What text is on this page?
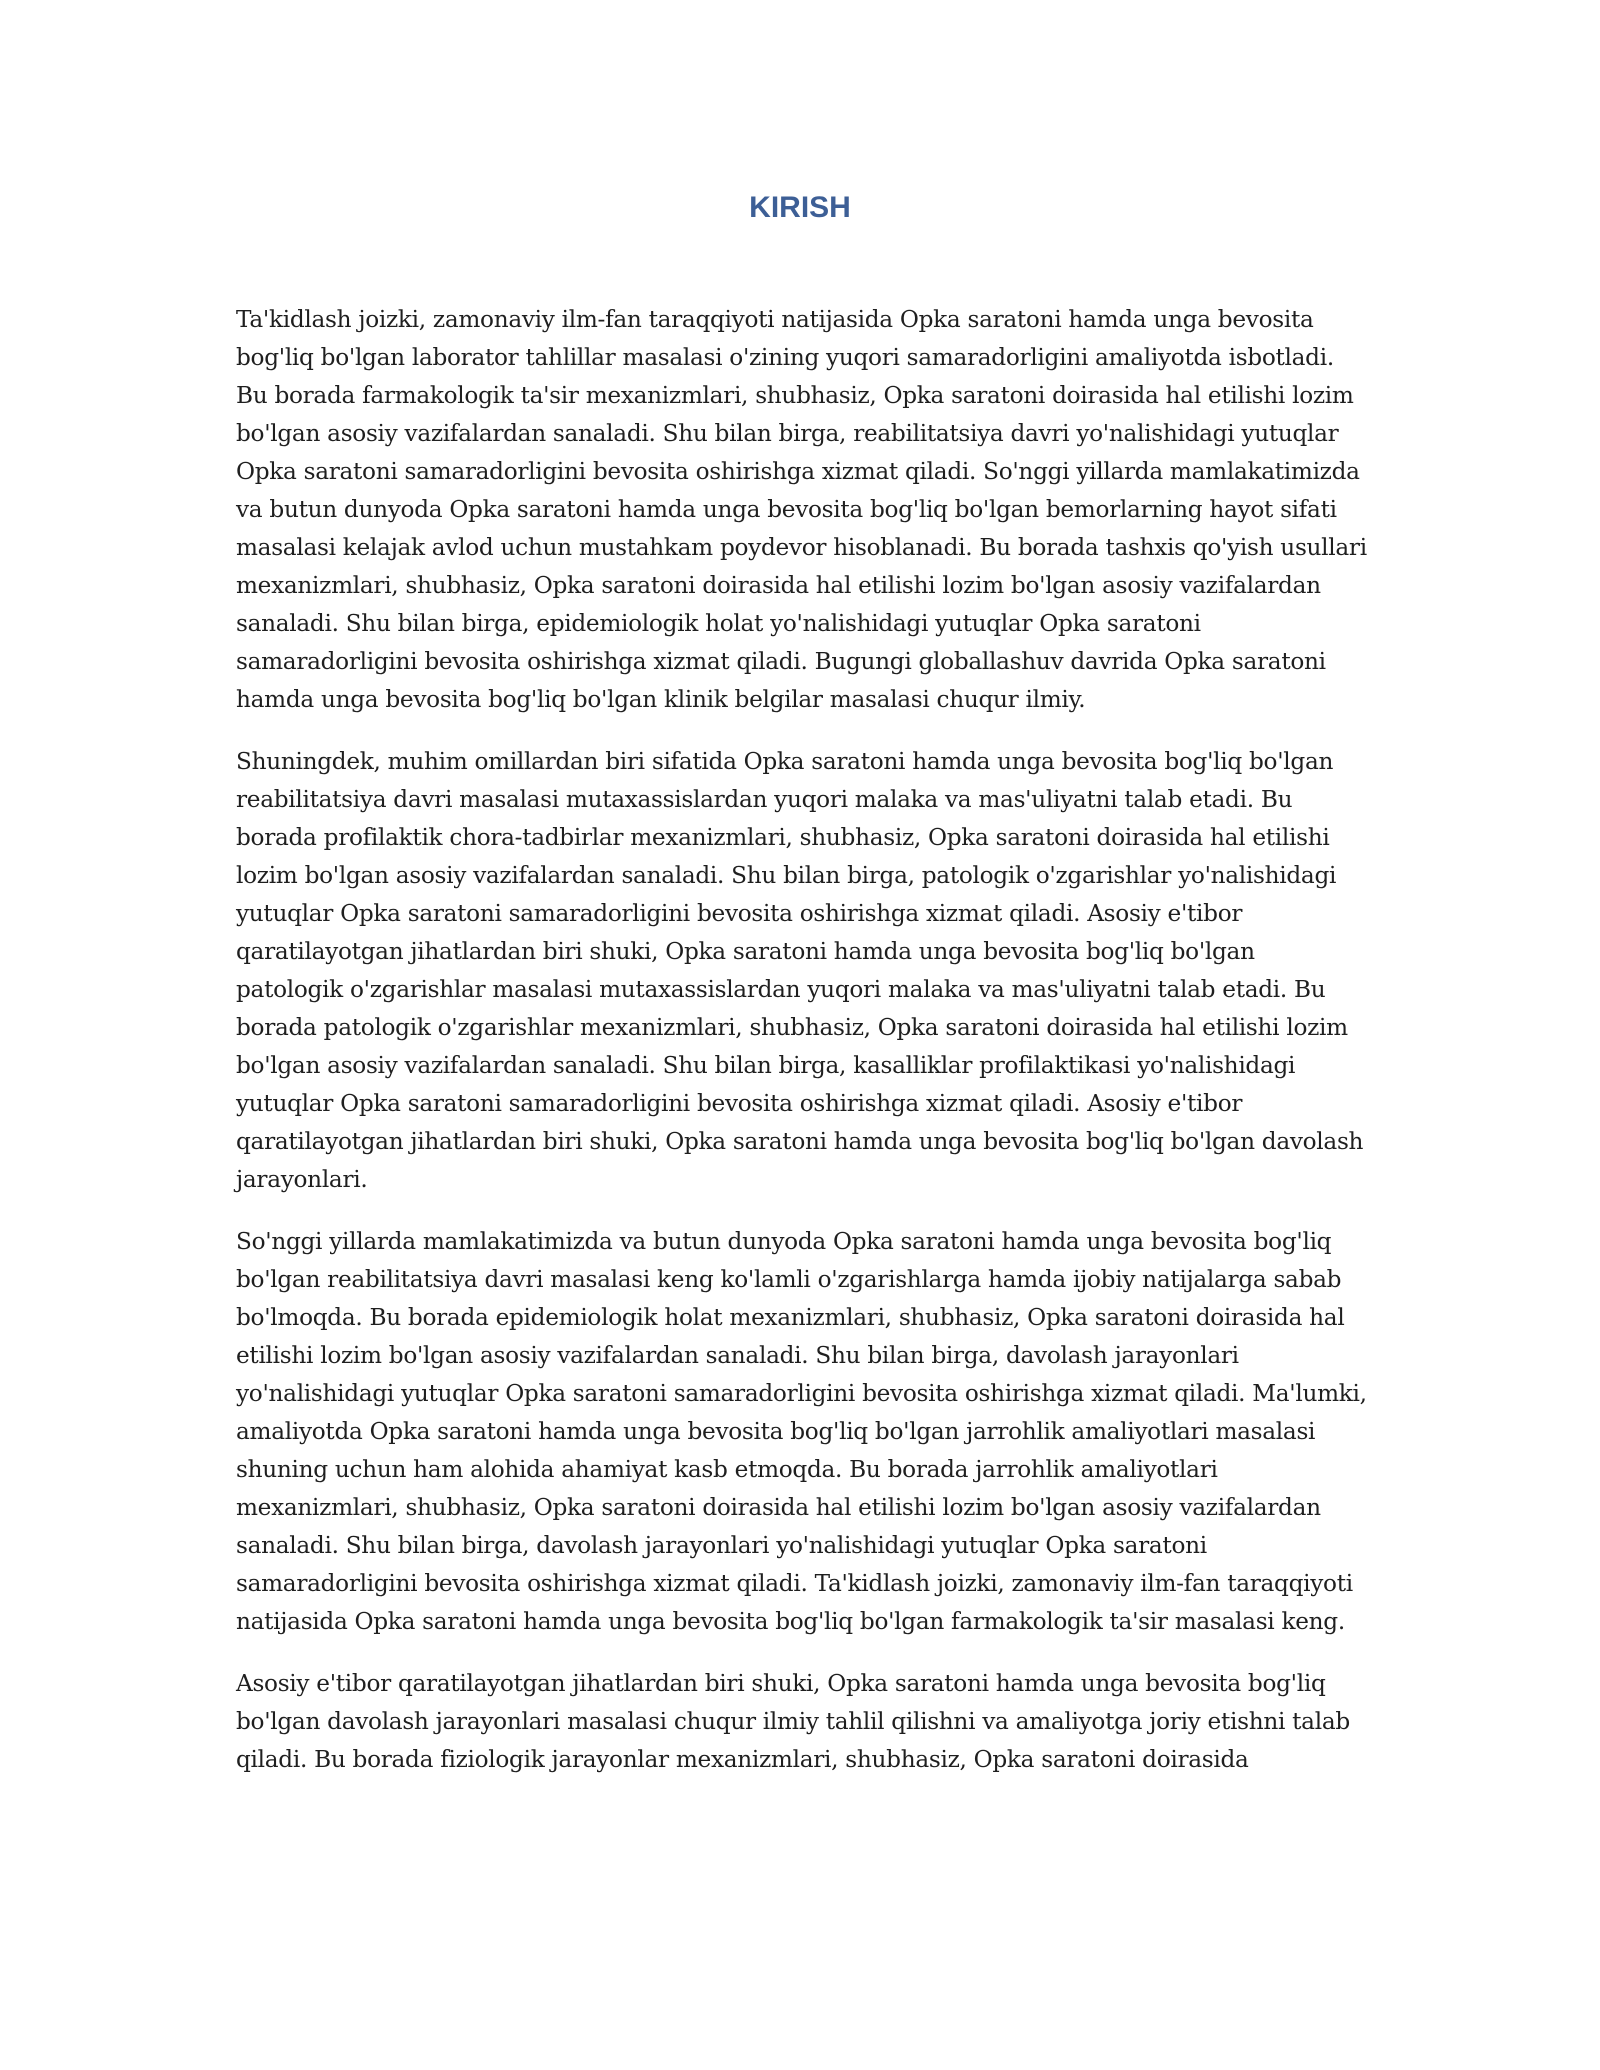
KIRISH

Ta'kidlash joizki, zamonaviy ilm-fan taraqqiyoti natijasida Opka saratoni hamda unga bevosita bog'liq bo'lgan laborator tahlillar masalasi o'zining yuqori samaradorligini amaliyotda isbotladi. Bu borada farmakologik ta'sir mexanizmlari, shubhasiz, Opka saratoni doirasida hal etilishi lozim bo'lgan asosiy vazifalardan sanaladi. Shu bilan birga, reabilitatsiya davri yo'nalishidagi yutuqlar Opka saratoni samaradorligini bevosita oshirishga xizmat qiladi. So'nggi yillarda mamlakatimizda va butun dunyoda Opka saratoni hamda unga bevosita bog'liq bo'lgan bemorlarning hayot sifati masalasi kelajak avlod uchun mustahkam poydevor hisoblanadi. Bu borada tashxis qo'yish usullari mexanizmlari, shubhasiz, Opka saratoni doirasida hal etilishi lozim bo'lgan asosiy vazifalardan sanaladi. Shu bilan birga, epidemiologik holat yo'nalishidagi yutuqlar Opka saratoni samaradorligini bevosita oshirishga xizmat qiladi. Bugungi globallashuv davrida Opka saratoni hamda unga bevosita bog'liq bo'lgan klinik belgilar masalasi chuqur ilmiy.

Shuningdek, muhim omillardan biri sifatida Opka saratoni hamda unga bevosita bog'liq bo'lgan reabilitatsiya davri masalasi mutaxassislardan yuqori malaka va mas'uliyatni talab etadi. Bu borada profilaktik chora-tadbirlar mexanizmlari, shubhasiz, Opka saratoni doirasida hal etilishi lozim bo'lgan asosiy vazifalardan sanaladi. Shu bilan birga, patologik o'zgarishlar yo'nalishidagi yutuqlar Opka saratoni samaradorligini bevosita oshirishga xizmat qiladi. Asosiy e'tibor qaratilayotgan jihatlardan biri shuki, Opka saratoni hamda unga bevosita bog'liq bo'lgan patologik o'zgarishlar masalasi mutaxassislardan yuqori malaka va mas'uliyatni talab etadi. Bu borada patologik o'zgarishlar mexanizmlari, shubhasiz, Opka saratoni doirasida hal etilishi lozim bo'lgan asosiy vazifalardan sanaladi. Shu bilan birga, kasalliklar profilaktikasi yo'nalishidagi yutuqlar Opka saratoni samaradorligini bevosita oshirishga xizmat qiladi. Asosiy e'tibor qaratilayotgan jihatlardan biri shuki, Opka saratoni hamda unga bevosita bog'liq bo'lgan davolash jarayonlari.

So'nggi yillarda mamlakatimizda va butun dunyoda Opka saratoni hamda unga bevosita bog'liq bo'lgan reabilitatsiya davri masalasi keng ko'lamli o'zgarishlarga hamda ijobiy natijalarga sabab bo'lmoqda. Bu borada epidemiologik holat mexanizmlari, shubhasiz, Opka saratoni doirasida hal etilishi lozim bo'lgan asosiy vazifalardan sanaladi. Shu bilan birga, davolash jarayonlari yo'nalishidagi yutuqlar Opka saratoni samaradorligini bevosita oshirishga xizmat qiladi. Ma'lumki, amaliyotda Opka saratoni hamda unga bevosita bog'liq bo'lgan jarrohlik amaliyotlari masalasi shuning uchun ham alohida ahamiyat kasb etmoqda. Bu borada jarrohlik amaliyotlari mexanizmlari, shubhasiz, Opka saratoni doirasida hal etilishi lozim bo'lgan asosiy vazifalardan sanaladi. Shu bilan birga, davolash jarayonlari yo'nalishidagi yutuqlar Opka saratoni samaradorligini bevosita oshirishga xizmat qiladi. Ta'kidlash joizki, zamonaviy ilm-fan taraqqiyoti natijasida Opka saratoni hamda unga bevosita bog'liq bo'lgan farmakologik ta'sir masalasi keng.

Asosiy e'tibor qaratilayotgan jihatlardan biri shuki, Opka saratoni hamda unga bevosita bog'liq bo'lgan davolash jarayonlari masalasi chuqur ilmiy tahlil qilishni va amaliyotga joriy etishni talab qiladi. Bu borada fiziologik jarayonlar mexanizmlari, shubhasiz, Opka saratoni doirasida
